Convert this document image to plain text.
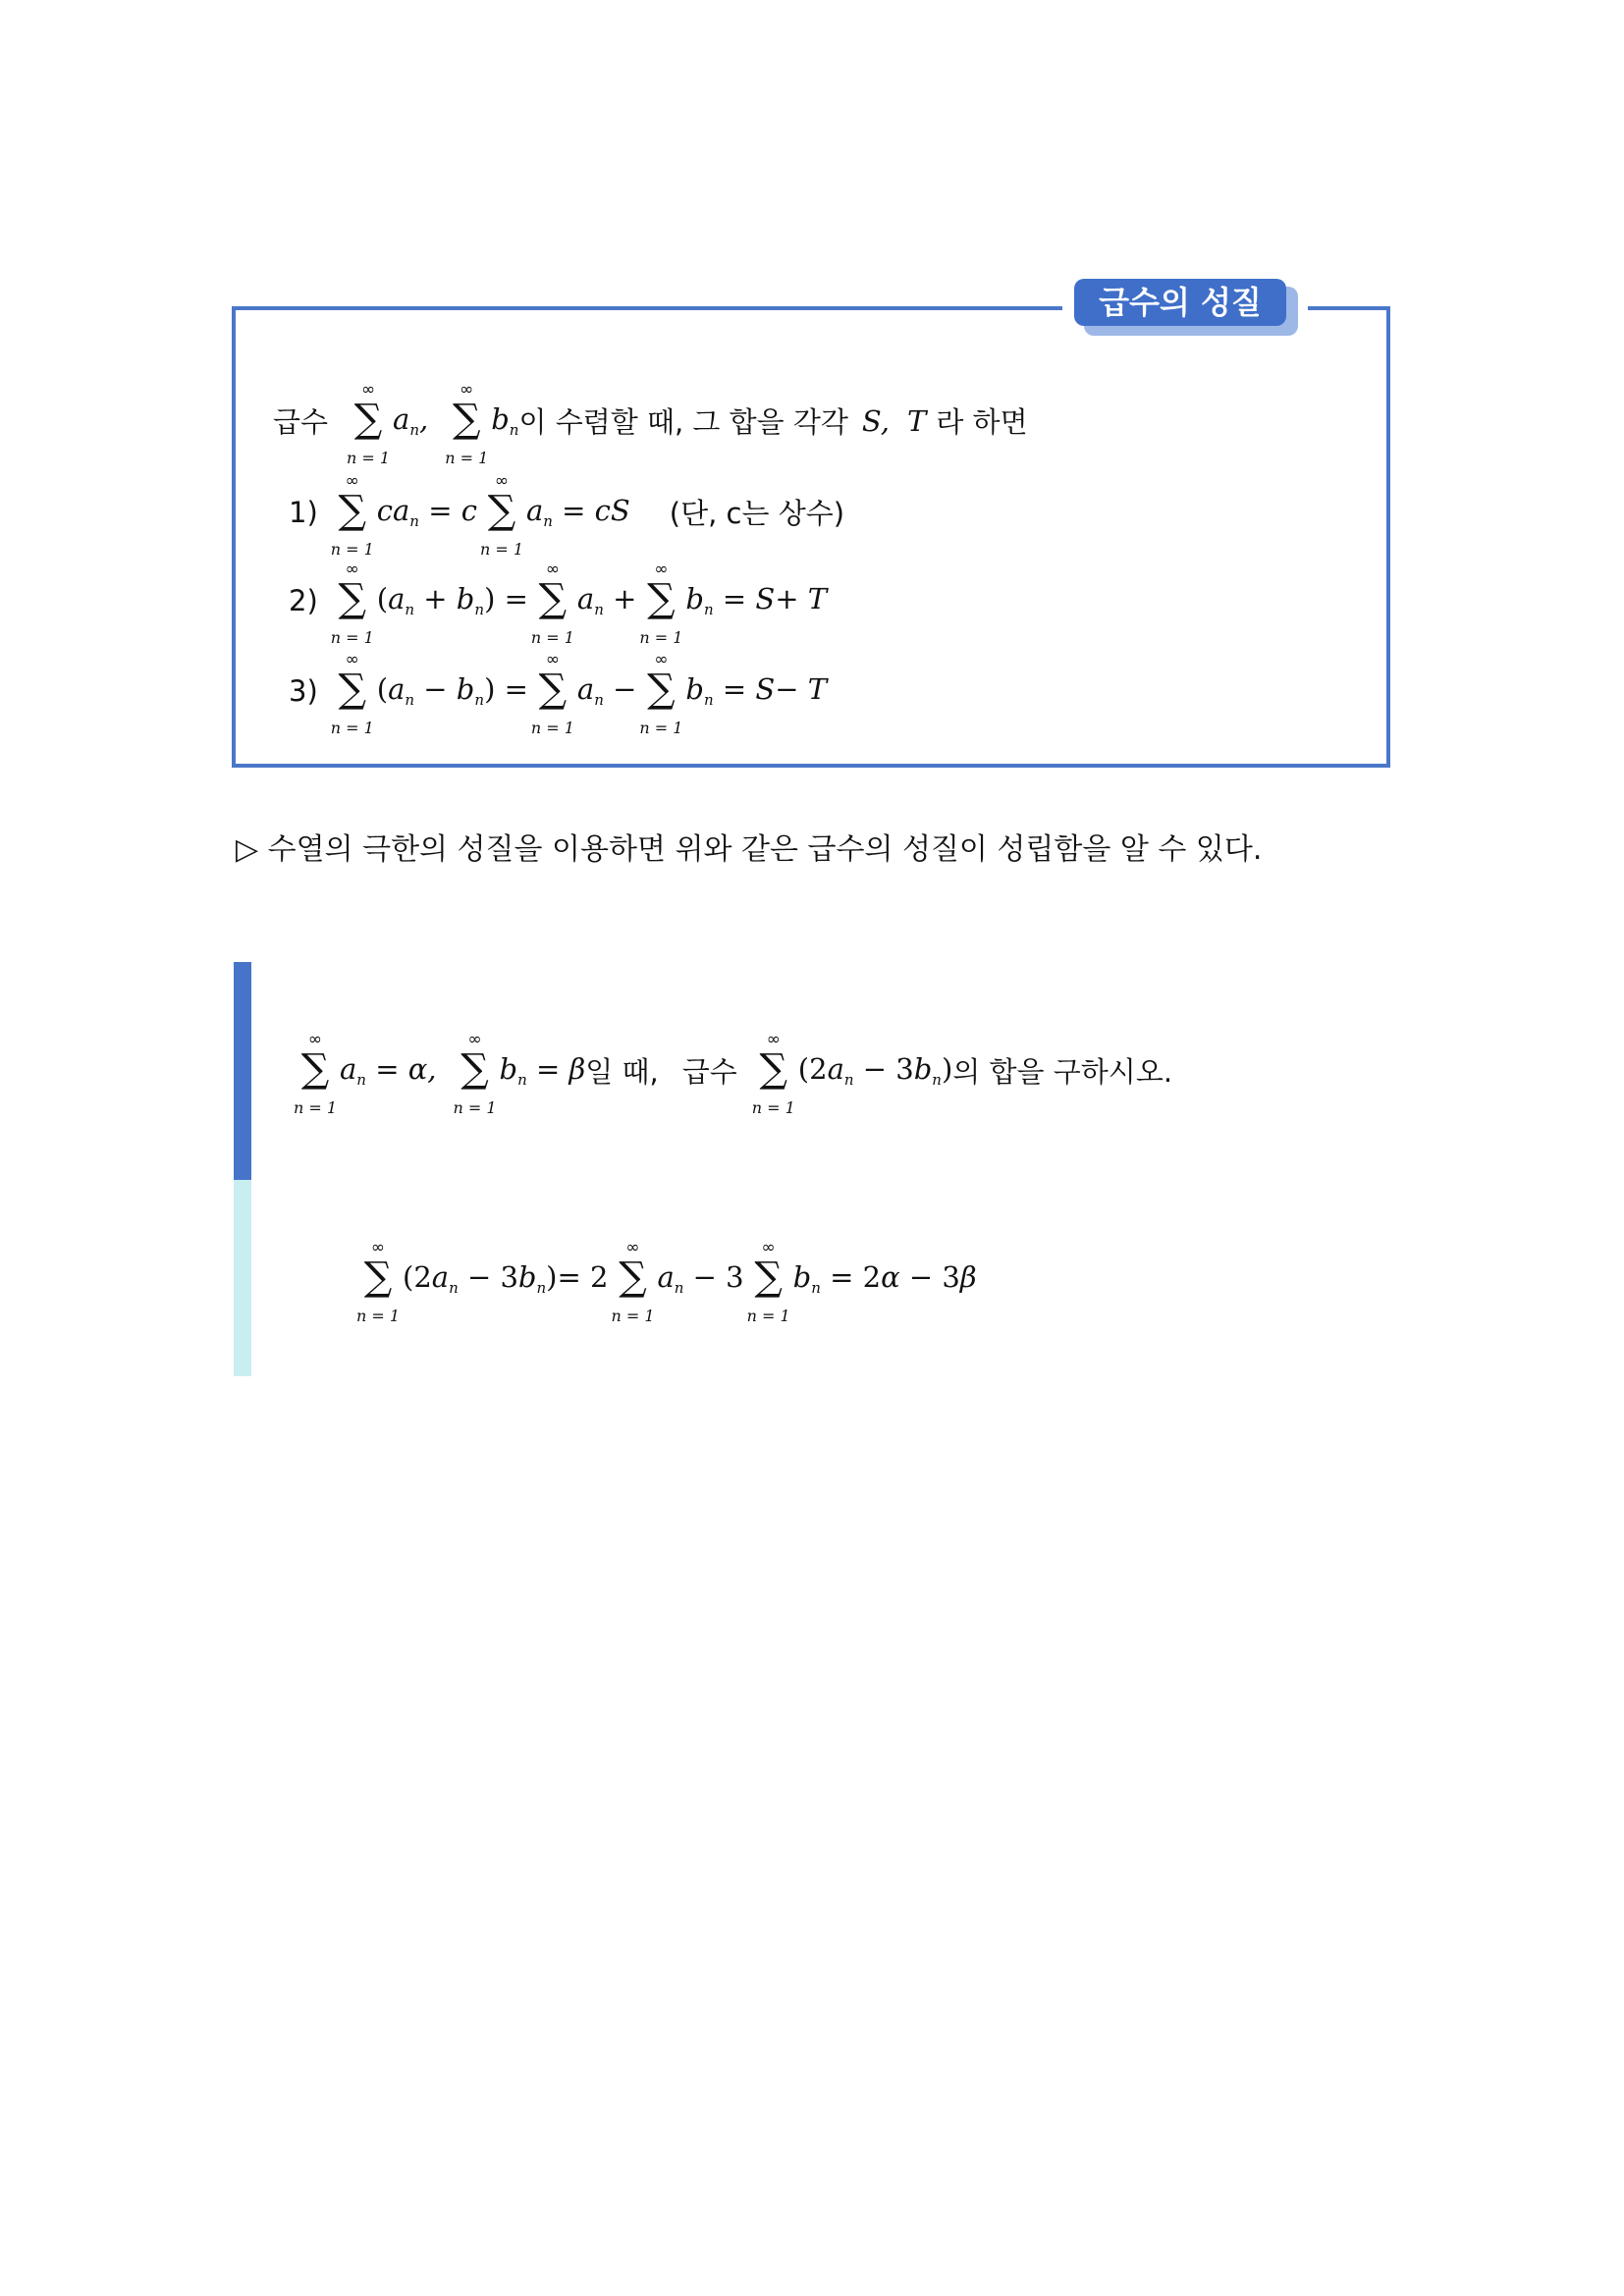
급수의 성질
급수
∞
∑
n = 1
$a_n$,
∞
∑
n = 1
$b_n$ 이 수렴할 때, 그 합을 각각 S, T 라 하면
1)
∞
∑
n = 1
$ca_n = c$
∞
∑
n = 1
$a_n$ = cS (단, c는 상수)
2)
∞
∑
n = 1
$(a_n + b_n)$ =
∞
∑
n = 1
$a_n$ +
∞
∑
n = 1
$b_n = S+ T$
3)
∞
∑
n = 1
$(a_n - b_n)$ =
∞
∑
n = 1
$a_n$ −
∞
∑
n = 1
$b_n = S- T$
▷ 수열의 극한의 성질을 이용하면 위와 같은 급수의 성질이 성립함을 알 수 있다.
∞
∑
n = 1
$a_n = \alpha$,
∞
∑
n = 1
$b_n = \beta$ 일 때, 급수
∞
∑
n = 1
$(2a_n - 3b_n)$ 의 합을 구하시오.
∞
∑
n = 1
$(2a_n - 3b_n)= 2$
∞
∑
n = 1
$a_n - 3$
∞
∑
n = 1
$b_n = 2\alpha - 3\beta$
